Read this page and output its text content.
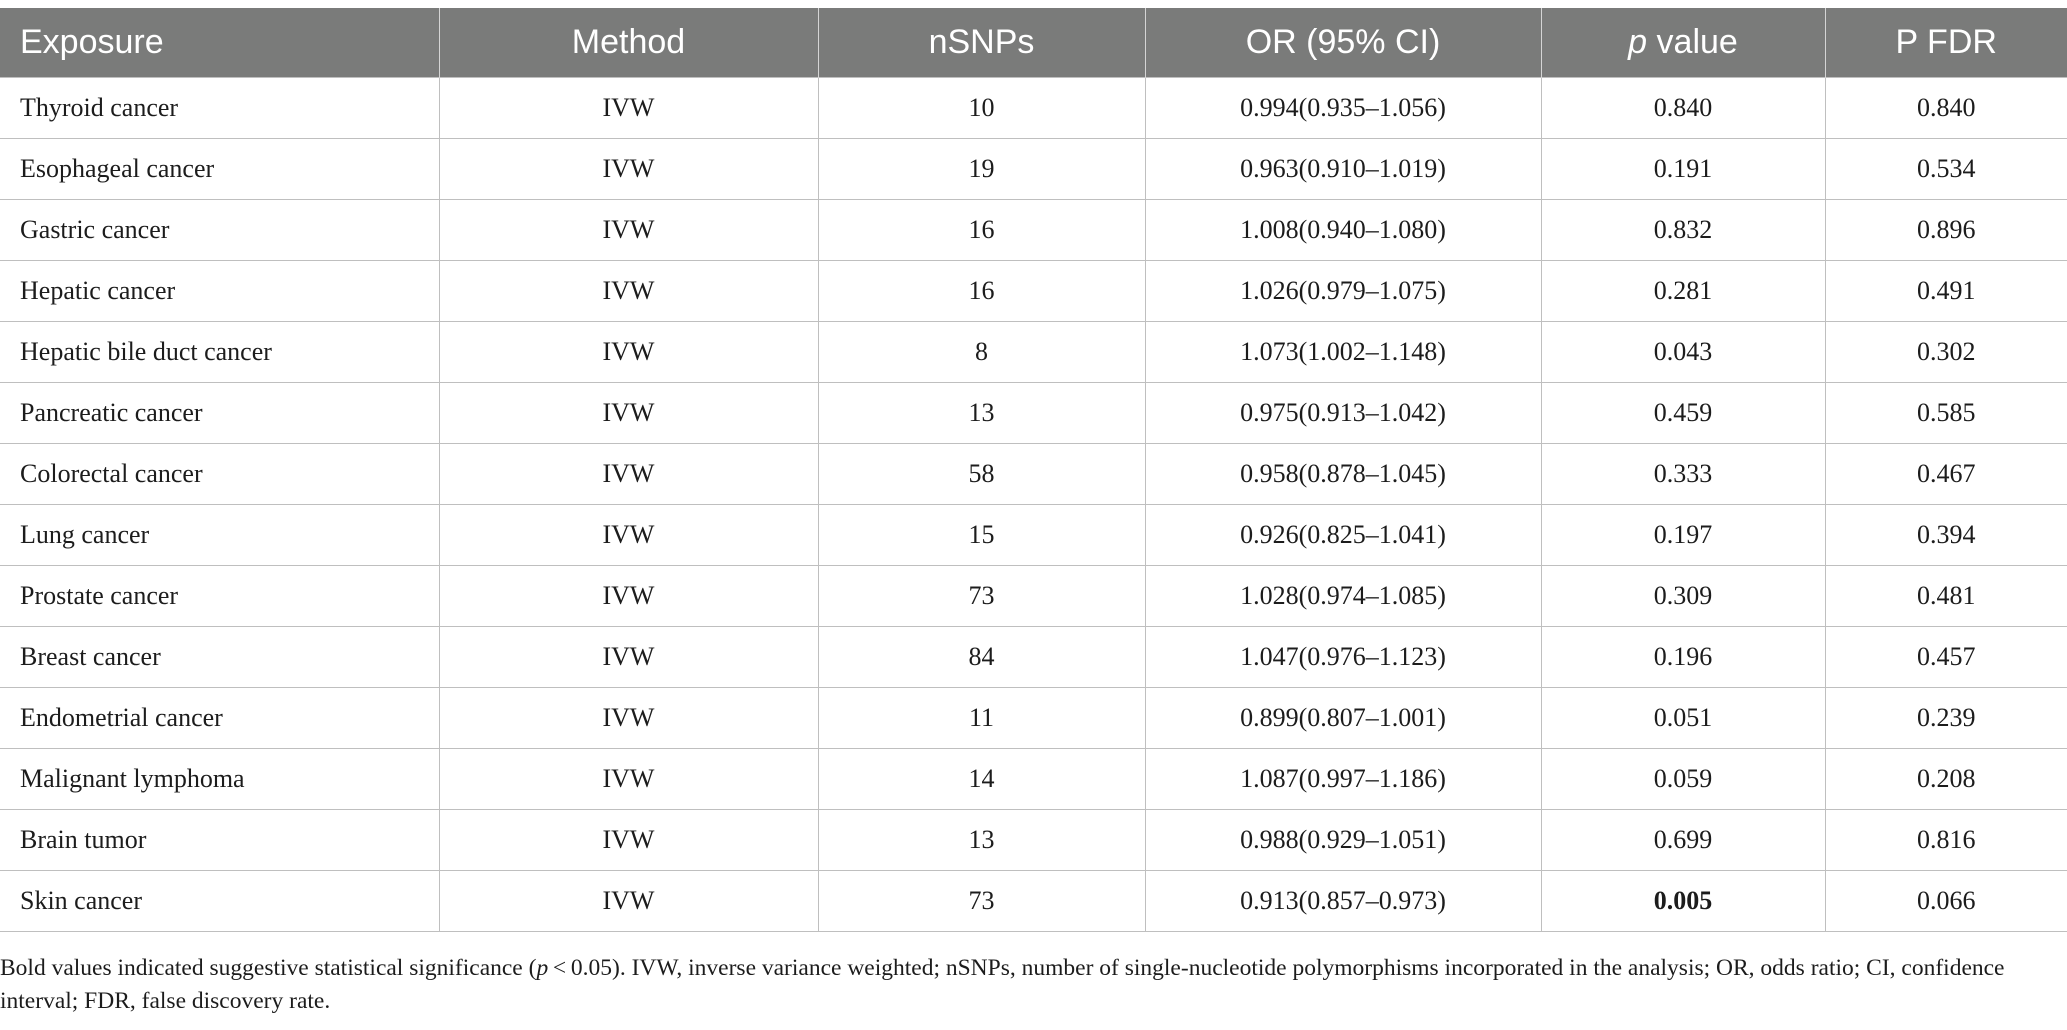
Exposure	Method	nSNPs	OR (95% CI)	p value	P FDR
Thyroid cancer	IVW	10	0.994(0.935–1.056)	0.840	0.840
Esophageal cancer	IVW	19	0.963(0.910–1.019)	0.191	0.534
Gastric cancer	IVW	16	1.008(0.940–1.080)	0.832	0.896
Hepatic cancer	IVW	16	1.026(0.979–1.075)	0.281	0.491
Hepatic bile duct cancer	IVW	8	1.073(1.002–1.148)	0.043	0.302
Pancreatic cancer	IVW	13	0.975(0.913–1.042)	0.459	0.585
Colorectal cancer	IVW	58	0.958(0.878–1.045)	0.333	0.467
Lung cancer	IVW	15	0.926(0.825–1.041)	0.197	0.394
Prostate cancer	IVW	73	1.028(0.974–1.085)	0.309	0.481
Breast cancer	IVW	84	1.047(0.976–1.123)	0.196	0.457
Endometrial cancer	IVW	11	0.899(0.807–1.001)	0.051	0.239
Malignant lymphoma	IVW	14	1.087(0.997–1.186)	0.059	0.208
Brain tumor	IVW	13	0.988(0.929–1.051)	0.699	0.816
Skin cancer	IVW	73	0.913(0.857–0.973)	0.005	0.066
Bold values indicated suggestive statistical significance (p < 0.05). IVW, inverse variance weighted; nSNPs, number of single-nucleotide polymorphisms incorporated in the analysis; OR, odds ratio; CI, confidence interval; FDR, false discovery rate.
